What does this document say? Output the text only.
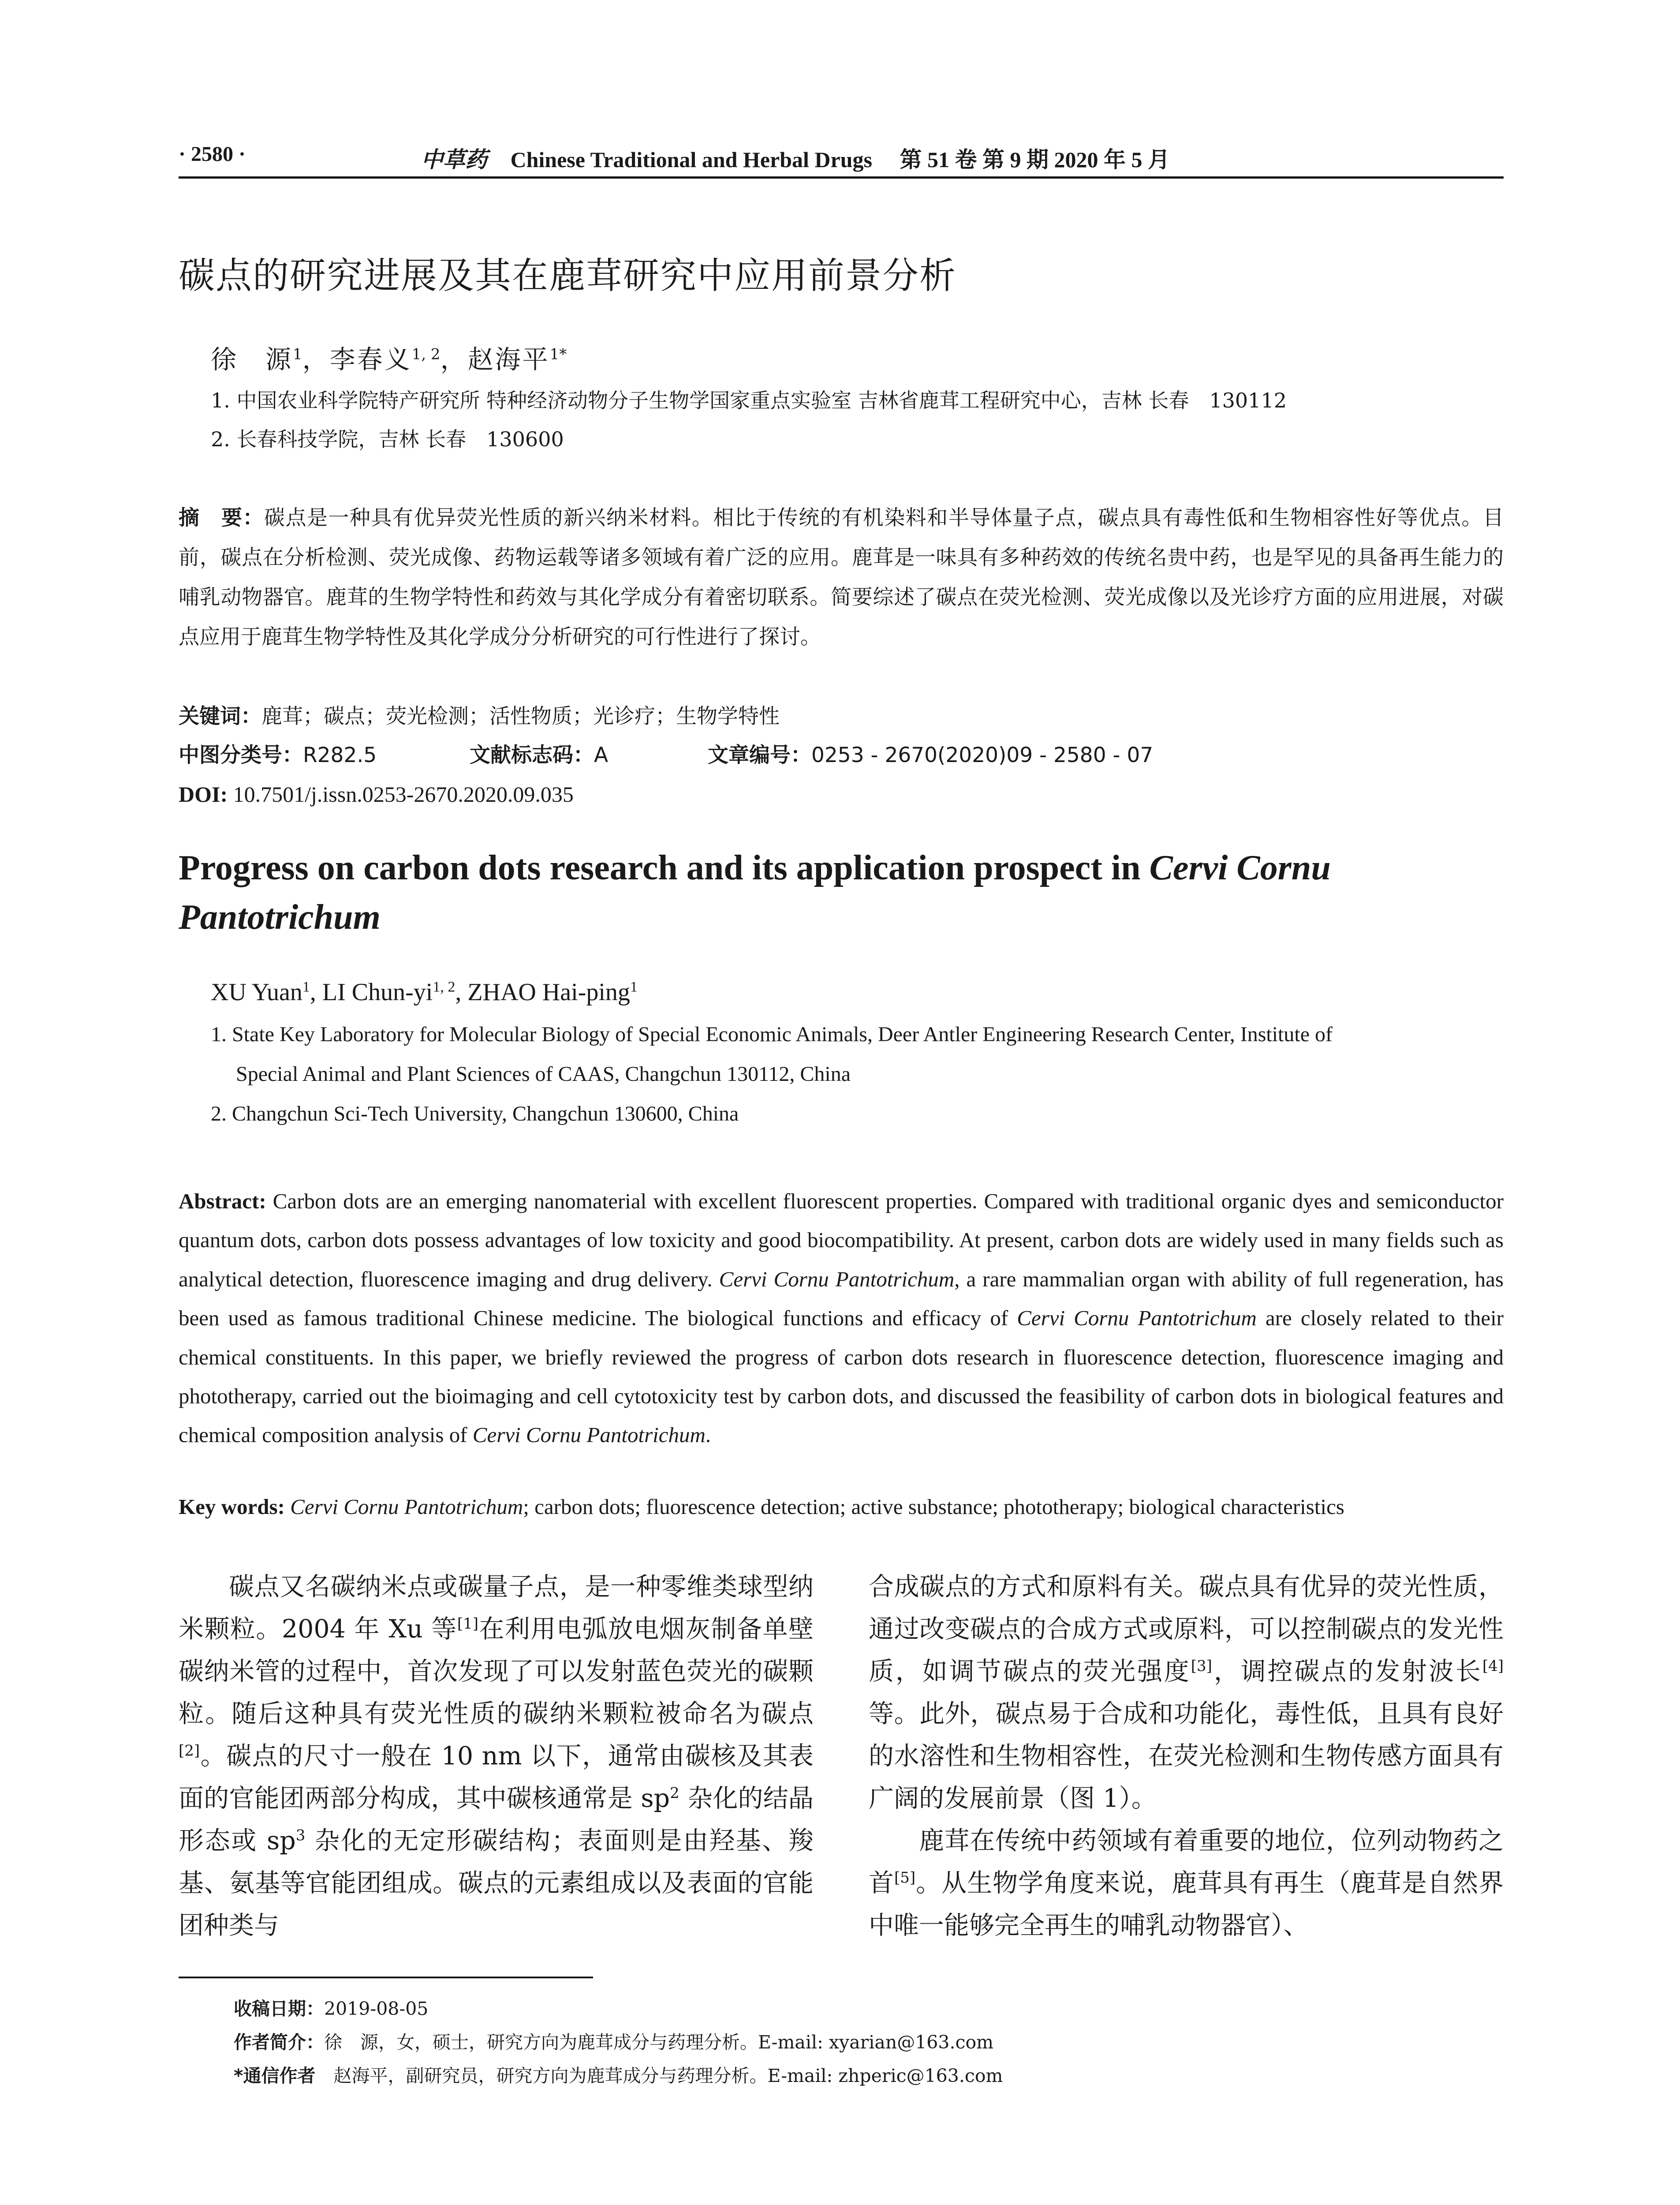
· 2580 ·	中草药 Chinese Traditional and Herbal Drugs 第 51 卷 第 9 期 2020 年 5 月
碳点的研究进展及其在鹿茸研究中应用前景分析
徐　源$^1$，李春义$^{1, 2}$，赵海平$^{1*}$
1. 中国农业科学院特产研究所 特种经济动物分子生物学国家重点实验室 吉林省鹿茸工程研究中心，吉林 长春　130112
2. 长春科技学院，吉林 长春　130600
摘　要：碳点是一种具有优异荧光性质的新兴纳米材料。相比于传统的有机染料和半导体量子点，碳点具有毒性低和生物相容性好等优点。目前，碳点在分析检测、荧光成像、药物运载等诸多领域有着广泛的应用。鹿茸是一味具有多种药效的传统名贵中药，也是罕见的具备再生能力的哺乳动物器官。鹿茸的生物学特性和药效与其化学成分有着密切联系。简要综述了碳点在荧光检测、荧光成像以及光诊疗方面的应用进展，对碳点应用于鹿茸生物学特性及其化学成分分析研究的可行性进行了探讨。
关键词：鹿茸；碳点；荧光检测；活性物质；光诊疗；生物学特性
中图分类号：R282.5	文献标志码：A	文章编号：0253 - 2670(2020)09 - 2580 - 07
DOI: 10.7501/j.issn.0253-2670.2020.09.035
Progress on carbon dots research and its application prospect in Cervi Cornu Pantotrichum
XU Yuan$^1$, LI Chun-yi$^{1, 2}$, ZHAO Hai-ping$^1$
1. State Key Laboratory for Molecular Biology of Special Economic Animals, Deer Antler Engineering Research Center, Institute of
Special Animal and Plant Sciences of CAAS, Changchun 130112, China
2. Changchun Sci-Tech University, Changchun 130600, China
Abstract: Carbon dots are an emerging nanomaterial with excellent fluorescent properties. Compared with traditional organic dyes and semiconductor quantum dots, carbon dots possess advantages of low toxicity and good biocompatibility. At present, carbon dots are widely used in many fields such as analytical detection, fluorescence imaging and drug delivery. Cervi Cornu Pantotrichum, a rare mammalian organ with ability of full regeneration, has been used as famous traditional Chinese medicine. The biological functions and efficacy of Cervi Cornu Pantotrichum are closely related to their chemical constituents. In this paper, we briefly reviewed the progress of carbon dots research in fluorescence detection, fluorescence imaging and phototherapy, carried out the bioimaging and cell cytotoxicity test by carbon dots, and discussed the feasibility of carbon dots in biological features and chemical composition analysis of Cervi Cornu Pantotrichum.
Key words: Cervi Cornu Pantotrichum; carbon dots; fluorescence detection; active substance; phototherapy; biological characteristics

碳点又名碳纳米点或碳量子点，是一种零维类球型纳米颗粒。2004 年 Xu 等[1]在利用电弧放电烟灰制备单壁碳纳米管的过程中，首次发现了可以发射蓝色荧光的碳颗粒。随后这种具有荧光性质的碳纳米颗粒被命名为碳点[2]。碳点的尺寸一般在 10 nm 以下，通常由碳核及其表面的官能团两部分构成，其中碳核通常是 $sp^2$ 杂化的结晶形态或 $sp^3$ 杂化的无定形碳结构；表面则是由羟基、羧基、氨基等官能团组成。碳点的元素组成以及表面的官能团种类与

合成碳点的方式和原料有关。碳点具有优异的荧光性质，通过改变碳点的合成方式或原料，可以控制碳点的发光性质，如调节碳点的荧光强度[3]，调控碳点的发射波长[4]等。此外，碳点易于合成和功能化，毒性低，且具有良好的水溶性和生物相容性，在荧光检测和生物传感方面具有广阔的发展前景（图 1）。

鹿茸在传统中药领域有着重要的地位，位列动物药之首[5]。从生物学角度来说，鹿茸具有再生（鹿茸是自然界中唯一能够完全再生的哺乳动物器官）、

收稿日期：2019-08-05
作者简介：徐　源，女，硕士，研究方向为鹿茸成分与药理分析。E-mail: xyarian@163.com
*通信作者　赵海平，副研究员，研究方向为鹿茸成分与药理分析。E-mail: zhperic@163.com
